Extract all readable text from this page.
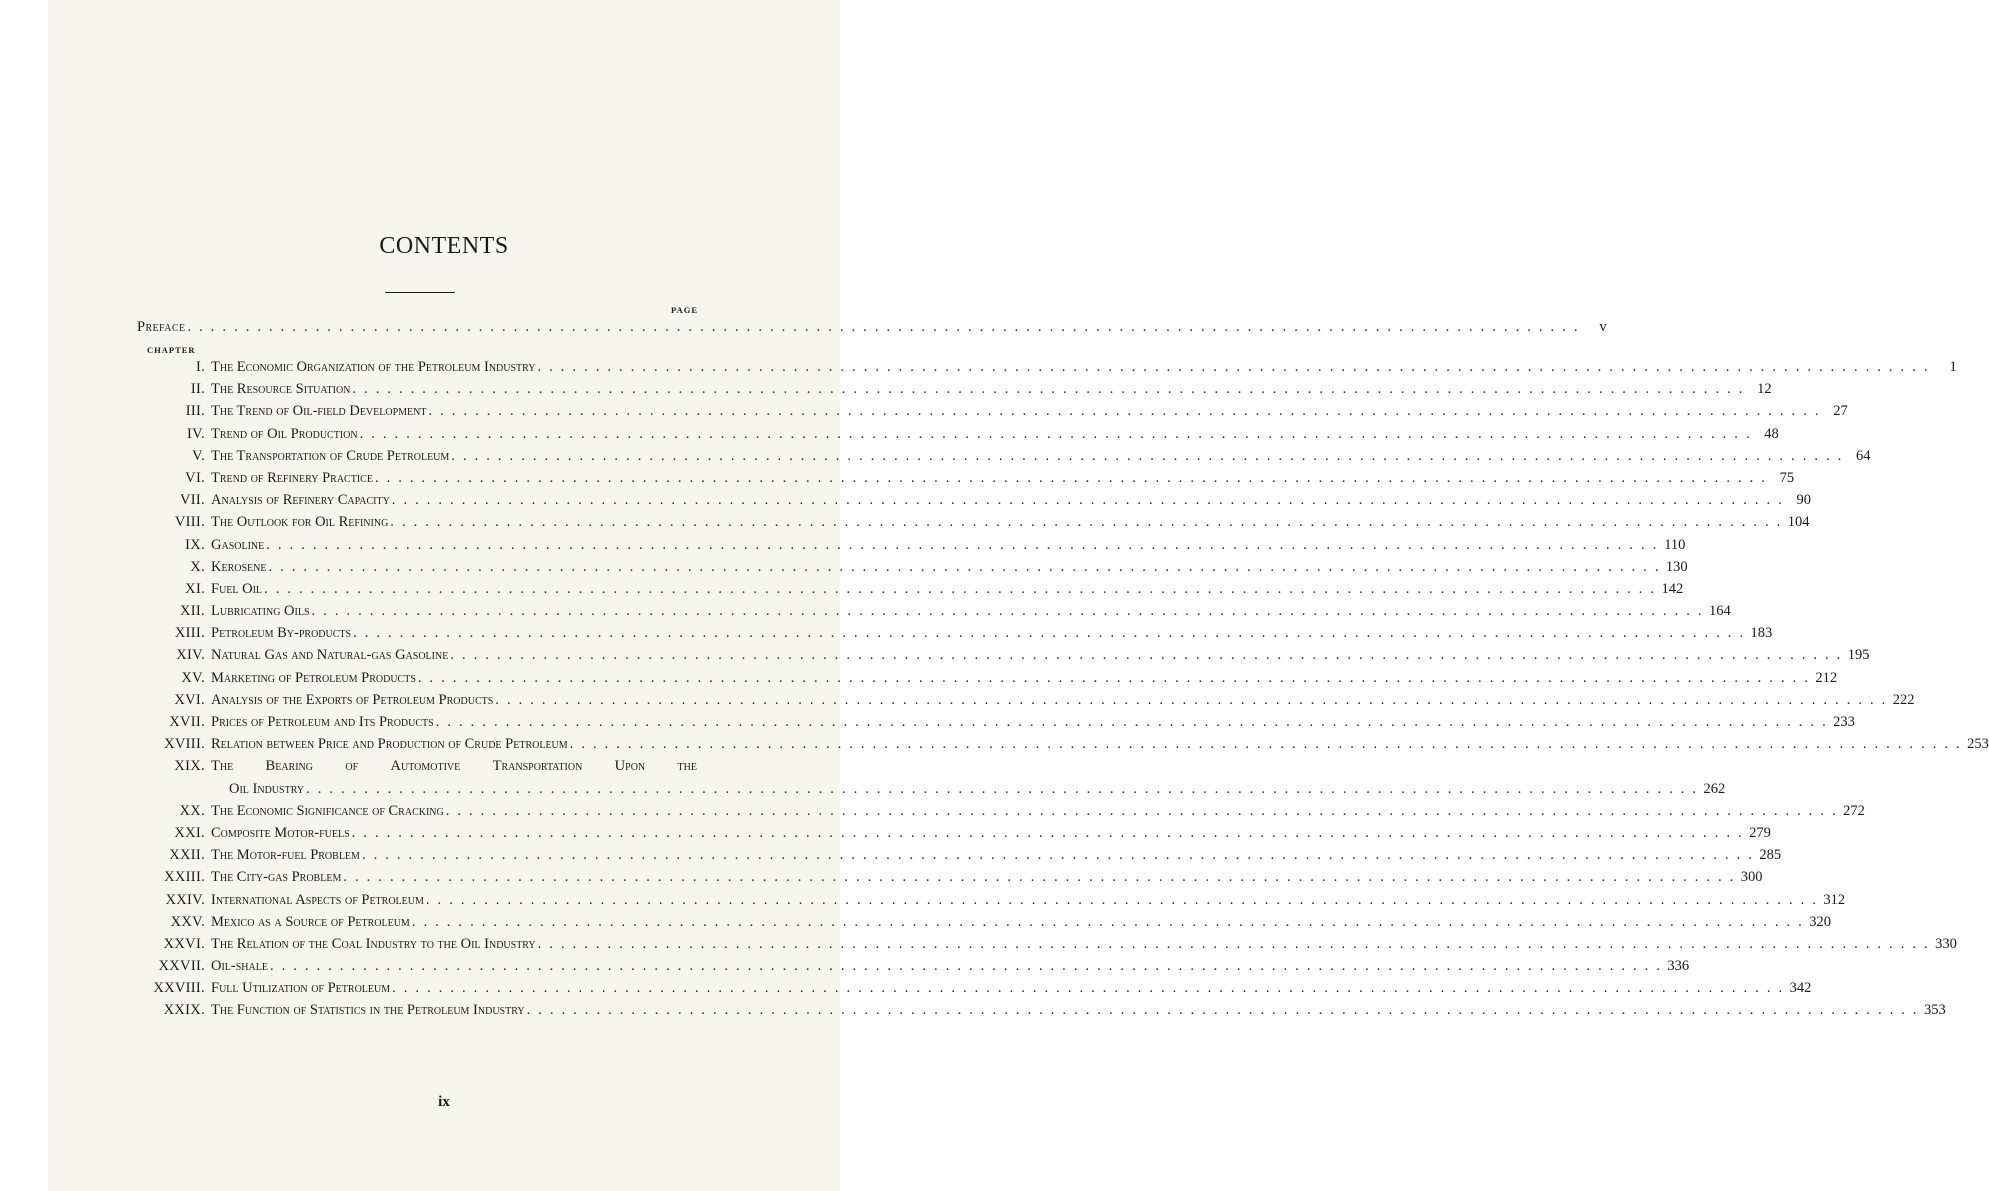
CONTENTS
PAGE
Preface . . . . . . . . . . . . . . . . . . . . . . . . . . . . . . . . . . . . . . . . . . . . . . . . . . . . . . . . . . . . . . . . . . . . . . . . . . . . . . . . . . . . . . . . . . . . . . . . . . . . . . . . . . . . . . . . . . . . . . . .	v
CHAPTER
I. The Economic Organization of the Petroleum Industry . . . . . . . . . . . . . . . . . . . . . . . . . . . . . . . . . . . . . . . . . . . . . . . . . . . . . . . . . . . . . . . . . . . . . . . . . . . . . . . . . . . . . . . . . . . . . . . . . . . . . . . . . . . . . . . . . . . . . . . .	1
II. The Resource Situation . . . . . . . . . . . . . . . . . . . . . . . . . . . . . . . . . . . . . . . . . . . . . . . . . . . . . . . . . . . . . . . . . . . . . . . . . . . . . . . . . . . . . . . . . . . . . . . . . . . . . . . . . . . . . . . . . . . . . . . . 12
III. The Trend of Oil-field Development . . . . . . . . . . . . . . . . . . . . . . . . . . . . . . . . . . . . . . . . . . . . . . . . . . . . . . . . . . . . . . . . . . . . . . . . . . . . . . . . . . . . . . . . . . . . . . . . . . . . . . . . . . . . . . . . . . . . . . . . 27
IV. Trend of Oil Production . . . . . . . . . . . . . . . . . . . . . . . . . . . . . . . . . . . . . . . . . . . . . . . . . . . . . . . . . . . . . . . . . . . . . . . . . . . . . . . . . . . . . . . . . . . . . . . . . . . . . . . . . . . . . . . . . . . . . . . . 48
V. The Transportation of Crude Petroleum . . . . . . . . . . . . . . . . . . . . . . . . . . . . . . . . . . . . . . . . . . . . . . . . . . . . . . . . . . . . . . . . . . . . . . . . . . . . . . . . . . . . . . . . . . . . . . . . . . . . . . . . . . . . . . . . . . . . . . . . 64
VI. Trend of Refinery Practice . . . . . . . . . . . . . . . . . . . . . . . . . . . . . . . . . . . . . . . . . . . . . . . . . . . . . . . . . . . . . . . . . . . . . . . . . . . . . . . . . . . . . . . . . . . . . . . . . . . . . . . . . . . . . . . . . . . . . . . . 75
VII. Analysis of Refinery Capacity . . . . . . . . . . . . . . . . . . . . . . . . . . . . . . . . . . . . . . . . . . . . . . . . . . . . . . . . . . . . . . . . . . . . . . . . . . . . . . . . . . . . . . . . . . . . . . . . . . . . . . . . . . . . . . . . . . . . . . . . 90
VIII. The Outlook for Oil Refining . . . . . . . . . . . . . . . . . . . . . . . . . . . . . . . . . . . . . . . . . . . . . . . . . . . . . . . . . . . . . . . . . . . . . . . . . . . . . . . . . . . . . . . . . . . . . . . . . . . . . . . . . . . . . . . . . . . . . . . . 104
IX. Gasoline . . . . . . . . . . . . . . . . . . . . . . . . . . . . . . . . . . . . . . . . . . . . . . . . . . . . . . . . . . . . . . . . . . . . . . . . . . . . . . . . . . . . . . . . . . . . . . . . . . . . . . . . . . . . . . . . . . . . . . . . 110
X. Kerosene . . . . . . . . . . . . . . . . . . . . . . . . . . . . . . . . . . . . . . . . . . . . . . . . . . . . . . . . . . . . . . . . . . . . . . . . . . . . . . . . . . . . . . . . . . . . . . . . . . . . . . . . . . . . . . . . . . . . . . . . 130
XI. Fuel Oil . . . . . . . . . . . . . . . . . . . . . . . . . . . . . . . . . . . . . . . . . . . . . . . . . . . . . . . . . . . . . . . . . . . . . . . . . . . . . . . . . . . . . . . . . . . . . . . . . . . . . . . . . . . . . . . . . . . . . . . . 142
XII. Lubricating Oils . . . . . . . . . . . . . . . . . . . . . . . . . . . . . . . . . . . . . . . . . . . . . . . . . . . . . . . . . . . . . . . . . . . . . . . . . . . . . . . . . . . . . . . . . . . . . . . . . . . . . . . . . . . . . . . . . . . . . . . . 164
XIII. Petroleum By-products . . . . . . . . . . . . . . . . . . . . . . . . . . . . . . . . . . . . . . . . . . . . . . . . . . . . . . . . . . . . . . . . . . . . . . . . . . . . . . . . . . . . . . . . . . . . . . . . . . . . . . . . . . . . . . . . . . . . . . . . 183
XIV. Natural Gas and Natural-gas Gasoline . . . . . . . . . . . . . . . . . . . . . . . . . . . . . . . . . . . . . . . . . . . . . . . . . . . . . . . . . . . . . . . . . . . . . . . . . . . . . . . . . . . . . . . . . . . . . . . . . . . . . . . . . . . . . . . . . . . . . . . . 195
XV. Marketing of Petroleum Products . . . . . . . . . . . . . . . . . . . . . . . . . . . . . . . . . . . . . . . . . . . . . . . . . . . . . . . . . . . . . . . . . . . . . . . . . . . . . . . . . . . . . . . . . . . . . . . . . . . . . . . . . . . . . . . . . . . . . . . . 212
XVI. Analysis of the Exports of Petroleum Products . . . . . . . . . . . . . . . . . . . . . . . . . . . . . . . . . . . . . . . . . . . . . . . . . . . . . . . . . . . . . . . . . . . . . . . . . . . . . . . . . . . . . . . . . . . . . . . . . . . . . . . . . . . . . . . . . . . . . . . . 222
XVII. Prices of Petroleum and Its Products . . . . . . . . . . . . . . . . . . . . . . . . . . . . . . . . . . . . . . . . . . . . . . . . . . . . . . . . . . . . . . . . . . . . . . . . . . . . . . . . . . . . . . . . . . . . . . . . . . . . . . . . . . . . . . . . . . . . . . . . 233
XVIII. Relation between Price and Production of Crude Petroleum . . . . . . . . . . . . . . . . . . . . . . . . . . . . . . . . . . . . . . . . . . . . . . . . . . . . . . . . . . . . . . . . . . . . . . . . . . . . . . . . . . . . . . . . . . . . . . . . . . . . . . . . . . . . . . . . . . . . . . . . 253
XIX. The Bearing of Automotive Transportation Upon the
Oil Industry . . . . . . . . . . . . . . . . . . . . . . . . . . . . . . . . . . . . . . . . . . . . . . . . . . . . . . . . . . . . . . . . . . . . . . . . . . . . . . . . . . . . . . . . . . . . . . . . . . . . . . . . . . . . . . . . . . . . . . . . 262
XX. The Economic Significance of Cracking . . . . . . . . . . . . . . . . . . . . . . . . . . . . . . . . . . . . . . . . . . . . . . . . . . . . . . . . . . . . . . . . . . . . . . . . . . . . . . . . . . . . . . . . . . . . . . . . . . . . . . . . . . . . . . . . . . . . . . . . 272
XXI. Composite Motor-fuels . . . . . . . . . . . . . . . . . . . . . . . . . . . . . . . . . . . . . . . . . . . . . . . . . . . . . . . . . . . . . . . . . . . . . . . . . . . . . . . . . . . . . . . . . . . . . . . . . . . . . . . . . . . . . . . . . . . . . . . . 279
XXII. The Motor-fuel Problem . . . . . . . . . . . . . . . . . . . . . . . . . . . . . . . . . . . . . . . . . . . . . . . . . . . . . . . . . . . . . . . . . . . . . . . . . . . . . . . . . . . . . . . . . . . . . . . . . . . . . . . . . . . . . . . . . . . . . . . . 285
XXIII. The City-gas Problem . . . . . . . . . . . . . . . . . . . . . . . . . . . . . . . . . . . . . . . . . . . . . . . . . . . . . . . . . . . . . . . . . . . . . . . . . . . . . . . . . . . . . . . . . . . . . . . . . . . . . . . . . . . . . . . . . . . . . . . . 300
XXIV. International Aspects of Petroleum . . . . . . . . . . . . . . . . . . . . . . . . . . . . . . . . . . . . . . . . . . . . . . . . . . . . . . . . . . . . . . . . . . . . . . . . . . . . . . . . . . . . . . . . . . . . . . . . . . . . . . . . . . . . . . . . . . . . . . . . 312
XXV. Mexico as a Source of Petroleum . . . . . . . . . . . . . . . . . . . . . . . . . . . . . . . . . . . . . . . . . . . . . . . . . . . . . . . . . . . . . . . . . . . . . . . . . . . . . . . . . . . . . . . . . . . . . . . . . . . . . . . . . . . . . . . . . . . . . . . . 320
XXVI. The Relation of the Coal Industry to the Oil Industry . . . . . . . . . . . . . . . . . . . . . . . . . . . . . . . . . . . . . . . . . . . . . . . . . . . . . . . . . . . . . . . . . . . . . . . . . . . . . . . . . . . . . . . . . . . . . . . . . . . . . . . . . . . . . . . . . . . . . . . . 330
XXVII. Oil-shale . . . . . . . . . . . . . . . . . . . . . . . . . . . . . . . . . . . . . . . . . . . . . . . . . . . . . . . . . . . . . . . . . . . . . . . . . . . . . . . . . . . . . . . . . . . . . . . . . . . . . . . . . . . . . . . . . . . . . . . . 336
XXVIII. Full Utilization of Petroleum . . . . . . . . . . . . . . . . . . . . . . . . . . . . . . . . . . . . . . . . . . . . . . . . . . . . . . . . . . . . . . . . . . . . . . . . . . . . . . . . . . . . . . . . . . . . . . . . . . . . . . . . . . . . . . . . . . . . . . . . 342
XXIX. The Function of Statistics in the Petroleum Industry . . . . . . . . . . . . . . . . . . . . . . . . . . . . . . . . . . . . . . . . . . . . . . . . . . . . . . . . . . . . . . . . . . . . . . . . . . . . . . . . . . . . . . . . . . . . . . . . . . . . . . . . . . . . . . . . . . . . . . . . 353
ix
